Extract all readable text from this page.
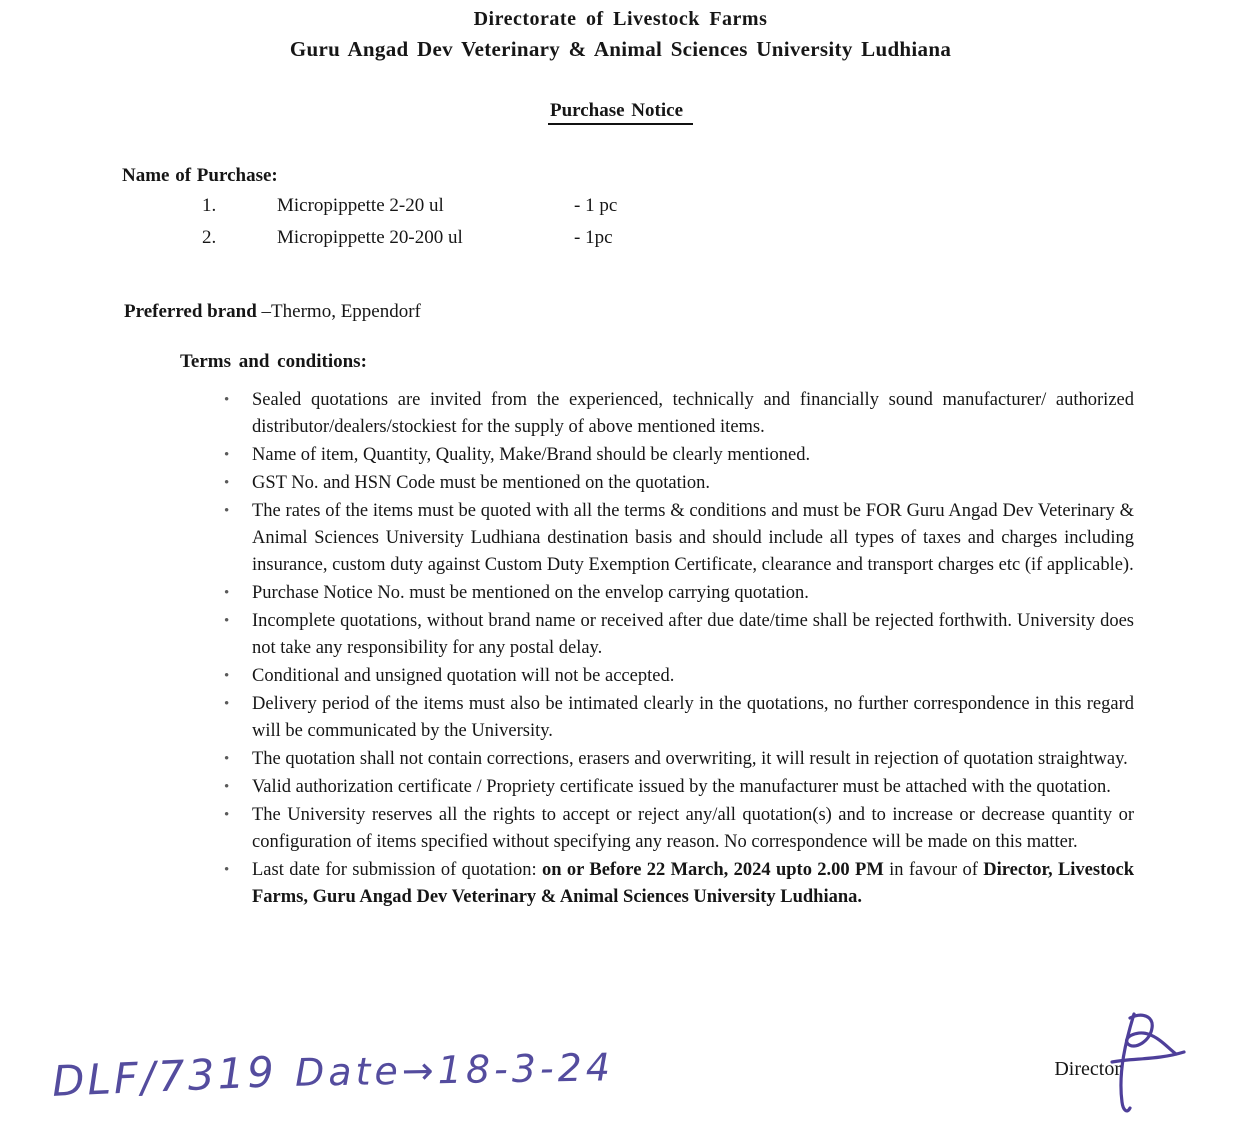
Directorate of Livestock Farms
Guru Angad Dev Veterinary & Animal Sciences University Ludhiana
Purchase Notice
Name of Purchase:
1.	Micropippette 2-20 ul	- 1 pc
2.	Micropippette 20-200 ul	- 1pc
Preferred brand –Thermo, Eppendorf
Terms and conditions:
• Sealed quotations are invited from the experienced, technically and financially sound manufacturer/ authorized distributor/dealers/stockiest for the supply of above mentioned items.
• Name of item, Quantity, Quality, Make/Brand should be clearly mentioned.
• GST No. and HSN Code must be mentioned on the quotation.
• The rates of the items must be quoted with all the terms & conditions and must be FOR Guru Angad Dev Veterinary & Animal Sciences University Ludhiana destination basis and should include all types of taxes and charges including insurance, custom duty against Custom Duty Exemption Certificate, clearance and transport charges etc (if applicable).
• Purchase Notice No. must be mentioned on the envelop carrying quotation.
• Incomplete quotations, without brand name or received after due date/time shall be rejected forthwith. University does not take any responsibility for any postal delay.
• Conditional and unsigned quotation will not be accepted.
• Delivery period of the items must also be intimated clearly in the quotations, no further correspondence in this regard will be communicated by the University.
• The quotation shall not contain corrections, erasers and overwriting, it will result in rejection of quotation straightway.
• Valid authorization certificate / Propriety certificate issued by the manufacturer must be attached with the quotation.
• The University reserves all the rights to accept or reject any/all quotation(s) and to increase or decrease quantity or configuration of items specified without specifying any reason. No correspondence will be made on this matter.
• Last date for submission of quotation: on or Before 22 March, 2024 upto 2.00 PM in favour of Director, Livestock Farms, Guru Angad Dev Veterinary & Animal Sciences University Ludhiana.
DLF/7319 Date→18-3-24	Director
